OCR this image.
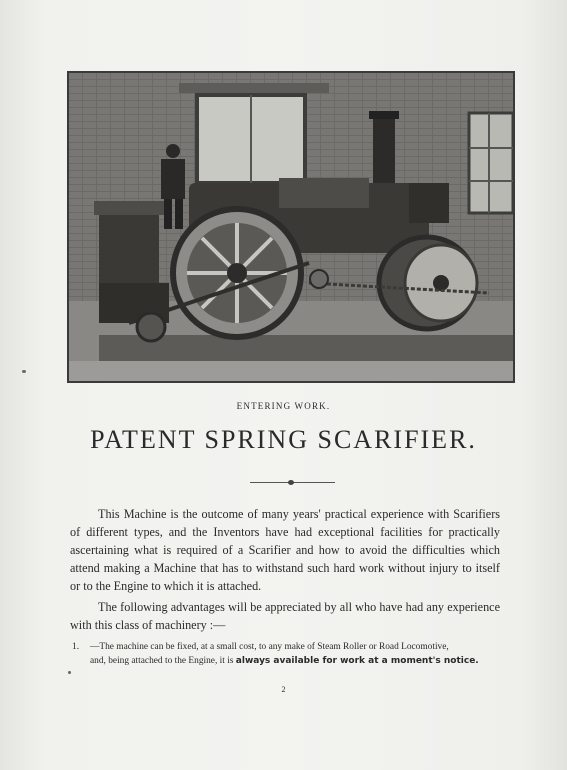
ENTERING WORK.
PATENT SPRING SCARIFIER.

This Machine is the outcome of many years' practical experience with Scarifiers of different types, and the Inventors have had exceptional facilities for practically ascertaining what is required of a Scarifier and how to avoid the difficulties which attend making a Machine that has to withstand such hard work without injury to itself or to the Engine to which it is attached.

The following advantages will be appreciated by all who have had any experience with this class of machinery :—

1. —The machine can be fixed, at a small cost, to any make of Steam Roller or Road Locomotive,
and, being attached to the Engine, it is always available for work at a moment's notice.
2
